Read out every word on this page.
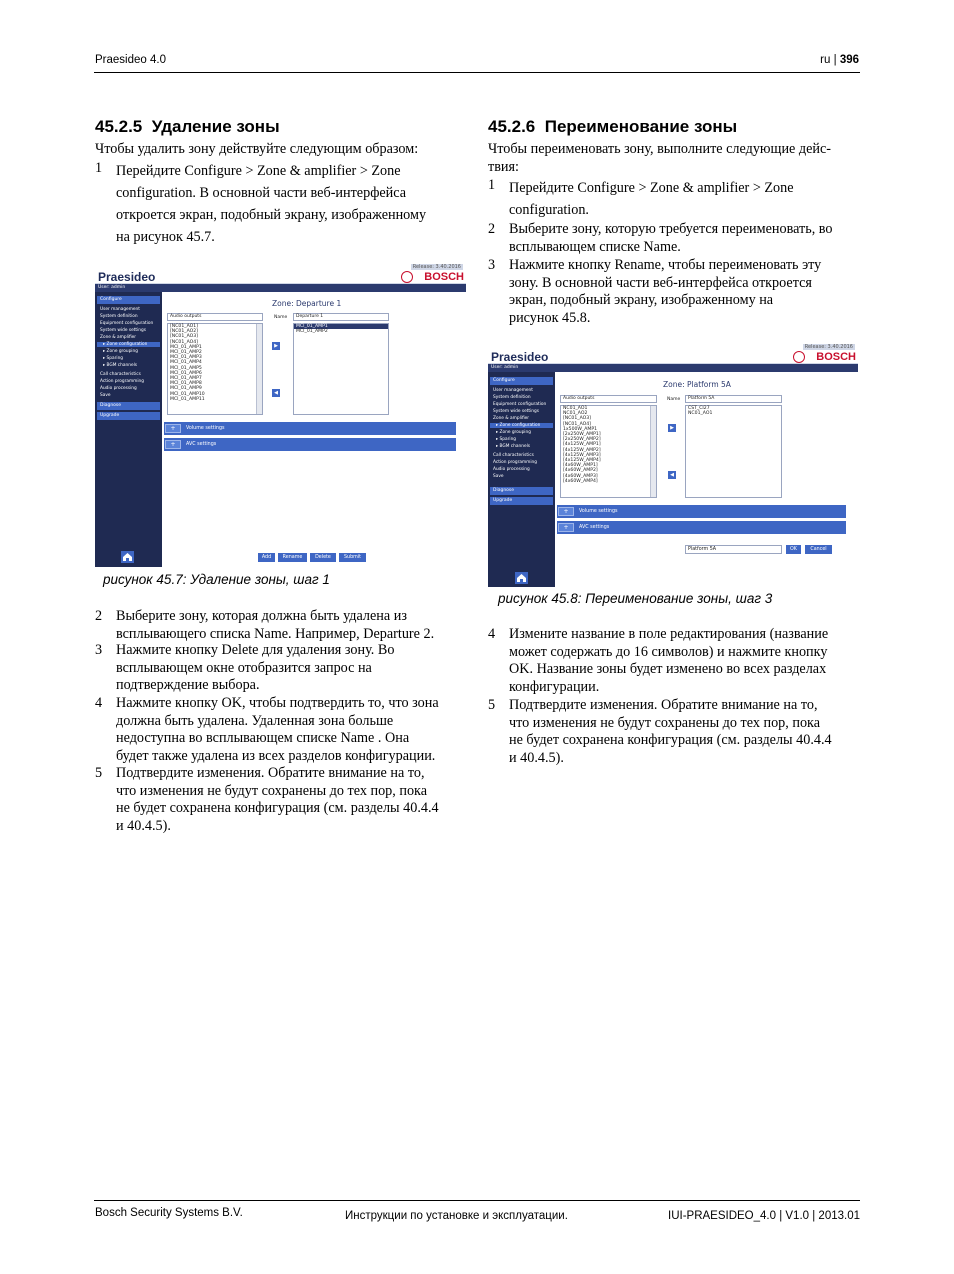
Praesideo 4.0	ru | 396
45.2.5 Удаление зоны
Чтобы удалить зону действуйте следующим образом:
1 Перейдите Configure > Zone & amplifier > Zone
configuration. В основной части веб-интерфейса
откроется экран, подобный экрану, изображенному
на рисунок 45.7.
Praesideo
Release: 3.40.2016
BOSCH
User: admin
Configure
User management
System definition
Equipment configuration
System wide settings
Zone & amplifier
▸ Zone configuration
▸ Zone grouping
▸ Sparing
▸ BGM channels
Call characteristics
Action programming
Audio processing
Save
Diagnose
Upgrade
Zone: Departure 1
Audio outputs	Name	Departure 1
[NC01_AO1]
[NC01_AO2]
[NC01_AO3]
[NC01_AO4]
MCI_01_AMP1
MCI_01_AMP2
MCI_01_AMP3
MCI_01_AMP4
MCI_01_AMP5
MCI_01_AMP6
MCI_01_AMP7
MCI_01_AMP8
MCI_01_AMP9
MCI_01_AMP10
MCI_01_AMP11
▶
◀
MCI_01_AMP1
MCI_01_AMP2
+	Volume settings
+	AVC settings
Add	Rename	Delete	Submit
рисунок 45.7: Удаление зоны, шаг 1
2 Выберите зону, которая должна быть удалена из
всплывающего списка Name. Например, Departure 2.
3 Нажмите кнопку Delete для удаления зону. Во
всплывающем окне отобразится запрос на
подтверждение выбора.
4 Нажмите кнопку OK, чтобы подтвердить то, что зона
должна быть удалена. Удаленная зона больше
недоступна во всплывающем списке Name . Она
будет также удалена из всех разделов конфигурации.
5 Подтвердите изменения. Обратите внимание на то,
что изменения не будут сохранены до тех пор, пока
не будет сохранена конфигурация (см. разделы 40.4.4
и 40.4.5).
45.2.6 Переименование зоны
Чтобы переименовать зону, выполните следующие дейс-
твия:
1 Перейдите Configure > Zone & amplifier > Zone
configuration.
2 Выберите зону, которую требуется переименовать, во
всплывающем списке Name.
3 Нажмите кнопку Rename, чтобы переименовать эту
зону. В основной части веб-интерфейса откроется
экран, подобный экрану, изображенному на
рисунок 45.8.
Praesideo
Release: 3.40.2016
BOSCH
User: admin
Configure
User management
System definition
Equipment configuration
System wide settings
Zone & amplifier
▸ Zone configuration
▸ Zone grouping
▸ Sparing
▸ BGM channels
Call characteristics
Action programming
Audio processing
Save
Diagnose
Upgrade
Zone: Platform 5A
Audio outputs	Name	Platform 5A
NC01_AO1
NC01_AO2
[NC01_AO3]
[NC01_AO4]
1x500W_AMP1
[2x250W_AMP1]
[2x250W_AMP2]
[4x125W_AMP1]
[4x125W_AMP2]
[4x125W_AMP3]
[4x125W_AMP4]
[4x60W_AMP1]
[4x60W_AMP2]
[4x60W_AMP3]
[4x60W_AMP4]
▶
◀
CST_CI27
NC01_AO1
+	Volume settings
+	AVC settings
Platform 5A	OK	Cancel
рисунок 45.8: Переименование зоны, шаг 3
4 Измените название в поле редактирования (название
может содержать до 16 символов) и нажмите кнопку
OK. Название зоны будет изменено во всех разделах
конфигурации.
5 Подтвердите изменения. Обратите внимание на то,
что изменения не будут сохранены до тех пор, пока
не будет сохранена конфигурация (см. разделы 40.4.4
и 40.4.5).
Bosch Security Systems B.V.	Инструкции по установке и эксплуатации.	IUI-PRAESIDEO_4.0 | V1.0 | 2013.01
